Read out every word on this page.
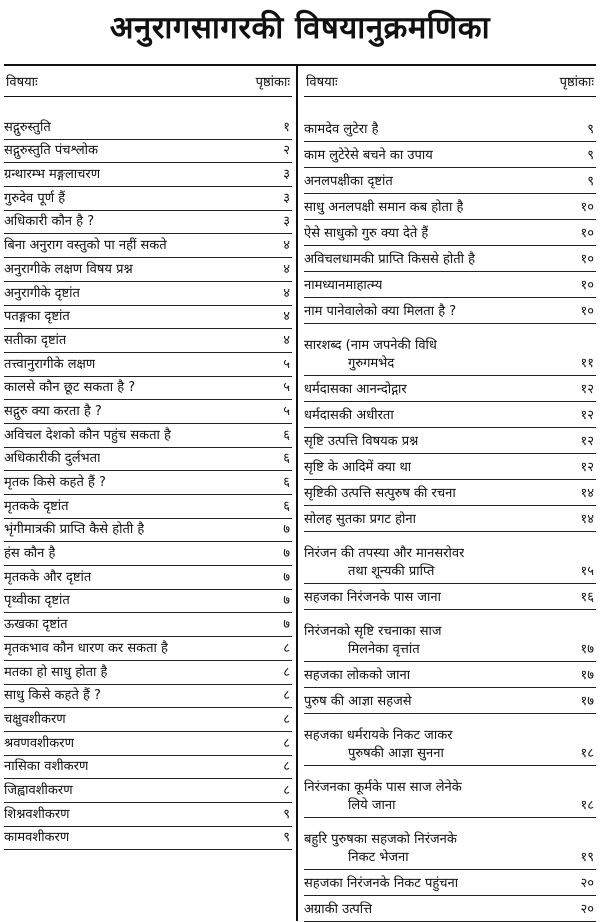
अनुरागसागरकी विषयानुक्रमणिका
विषयाः	पृष्ठांकाः
सद्गुरुस्तुति	१
सद्गुरुस्तुति पंचश्लोक	२
ग्रन्थारम्भ मङ्गलाचरण	३
गुरुदेव पूर्ण हैं	३
अधिकारी कौन है ?	३
बिना अनुराग वस्तुको पा नहीं सकते	४
अनुरागीके लक्षण विषय प्रश्न	४
अनुरागीके दृष्टांत	४
पतङ्गका दृष्टांत	४
सतीका दृष्टांत	४
तत्त्वानुरागीके लक्षण	५
कालसे कौन छूट सकता है ?	५
सद्गुरु क्या करता है ?	५
अविचल देशको कौन पहुंच सकता है	६
अधिकारीकी दुर्लभता	६
मृतक किसे कहते हैं ?	६
मृतकके दृष्टांत	६
भृंगीमात्रकी प्राप्ति कैसे होती है	७
हंस कौन है	७
मृतकके और दृष्टांत	७
पृथ्वीका दृष्टांत	७
ऊखका दृष्टांत	७
मृतकभाव कौन धारण कर सकता है	८
मतका हो साधु होता है	८
साधु किसे कहते हैं ?	८
चक्षुवशीकरण	८
श्रवणवशीकरण	८
नासिका वशीकरण	८
जिह्वावशीकरण	८
शिश्नवशीकरण	९
कामवशीकरण	९
विषयाः	पृष्ठांकाः
कामदेव लुटेरा है	९
काम लुटेरेसे बचने का उपाय	९
अनलपक्षीका दृष्टांत	९
साधु अनलपक्षी समान कब होता है	१०
ऐसे साधुको गुरु क्या देते हैं	१०
अविचलधामकी प्राप्ति किससे होती है	१०
नामध्यानमाहात्म्य	१०
नाम पानेवालेको क्या मिलता है ?	१०
सारशब्द (नाम जपनेकी विधि
गुरुगमभेद	११
धर्मदासका आनन्दोद्गार	१२
धर्मदासकी अधीरता	१२
सृष्टि उत्पत्ति विषयक प्रश्न	१२
सृष्टि के आदिमें क्या था	१२
सृष्टिकी उत्पत्ति सत्पुरुष की रचना	१४
सोलह सुतका प्रगट होना	१४
निरंजन की तपस्या और मानसरोवर
तथा शून्यकी प्राप्ति	१५
सहजका निरंजनके पास जाना	१६
निरंजनको सृष्टि रचनाका साज
मिलनेका वृत्तांत	१७
सहजका लोकको जाना	१७
पुरुष की आज्ञा सहजसे	१७
सहजका धर्मरायके निकट जाकर
पुरुषकी आज्ञा सुनना	१८
निरंजनका कूर्मके पास साज लेनेके
लिये जाना	१८
बहुरि पुरुषका सहजको निरंजनके
निकट भेजना	१९
सहजका निरंजनके निकट पहुंचना	२०
अग्राकी उत्पत्ति	२०
